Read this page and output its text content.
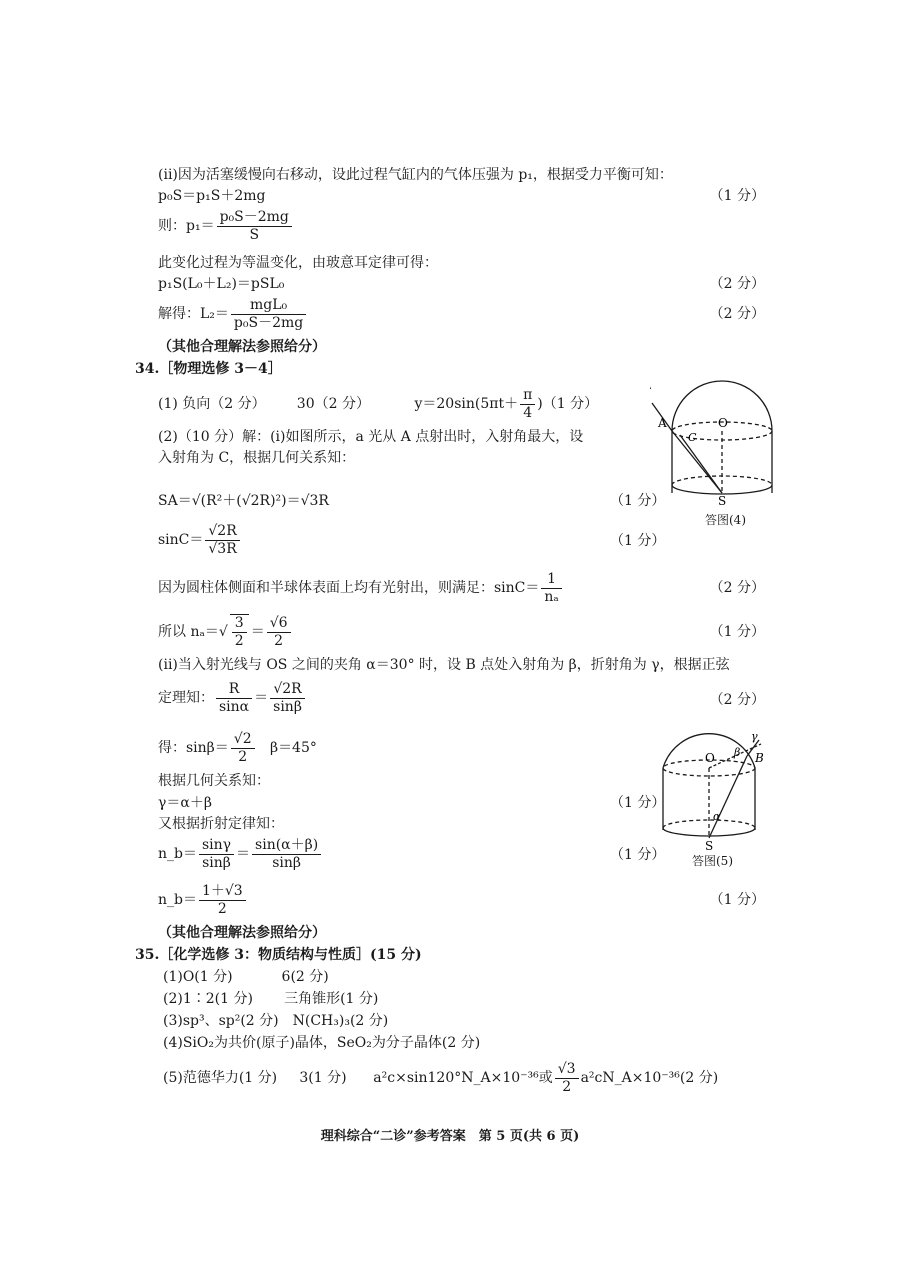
(ii)因为活塞缓慢向右移动，设此过程气缸内的气体压强为 p₁，根据受力平衡可知：
p₀S＝p₁S＋2mg	（1 分）
则：$p_1= \frac{\text{p₀S－2mg}}{S}$
此变化过程为等温变化，由玻意耳定律可得：
p₁S(L₀＋L₂)＝pSL₀	（2 分）
解得：$L_2= \frac{\text{mgL₀}}{\text{p₀S－2mg}}$	（2 分）
（其他合理解法参照给分）
34.［物理选修 3－4］
(1) 负向（2 分） 30（2 分）	$y=20\sin(5\pi t+ \frac{\pi}{4} )(1$ 分）
(2)（10 分）解：(i)如图所示，a 光从 A 点射出时，入射角最大，设
入射角为 C，根据几何关系知：
SA＝√(R²＋(√2R)²)＝√3R	（1 分）
$\sin C= \frac{√2R}{√3R}$	（1 分）
因为圆柱体侧面和半球体表面上均有光射出，则满足：$\sin C= \frac{1}{\text{nₐ}}$	（2 分）
所以 $n_a=√ \frac{3}{2} = \frac{√6}{2}$	（1 分）
(ii)当入射光线与 OS 之间的夹角 α＝30° 时，设 B 点处入射角为 β，折射角为 γ，根据正弦
定理知： $\frac{R}{\sin\alpha} = \frac{√2R}{\sin\beta}$	（2 分）
得：$\sin\beta= \frac{√2}{2} \beta=45^\circ$
根据几何关系知：
γ＝α＋β	（1 分）
又根据折射定律知：
n_b＝ $\frac{\sin\gamma}{\sin\beta} = \frac{\sin(\alpha+\beta)}{\sin\beta}$	（1 分）
n_b＝ $\frac{1+√3}{2}$	（1 分）
（其他合理解法参照给分）
A	O
C
S
答图(4)
O	B
β
γ
α
S
答图(5)
35.［化学选修 3：物质结构与性质］(15 分)
(1)O(1 分)	6(2 分)
(2)1∶2(1 分) 三角锥形(1 分)
(3)sp³、sp²(2 分)　N(CH₃)₃(2 分)
(4)SiO₂为共价(原子)晶体，SeO₂为分子晶体(2 分)
(5)范德华力(1 分) 3(1 分) a²c×sin120°N_A×10⁻³⁶或 $\frac{√3}{2}$ a²cN_A×10⁻³⁶(2 分)
理科综合“二诊”参考答案　第 5 页(共 6 页)
